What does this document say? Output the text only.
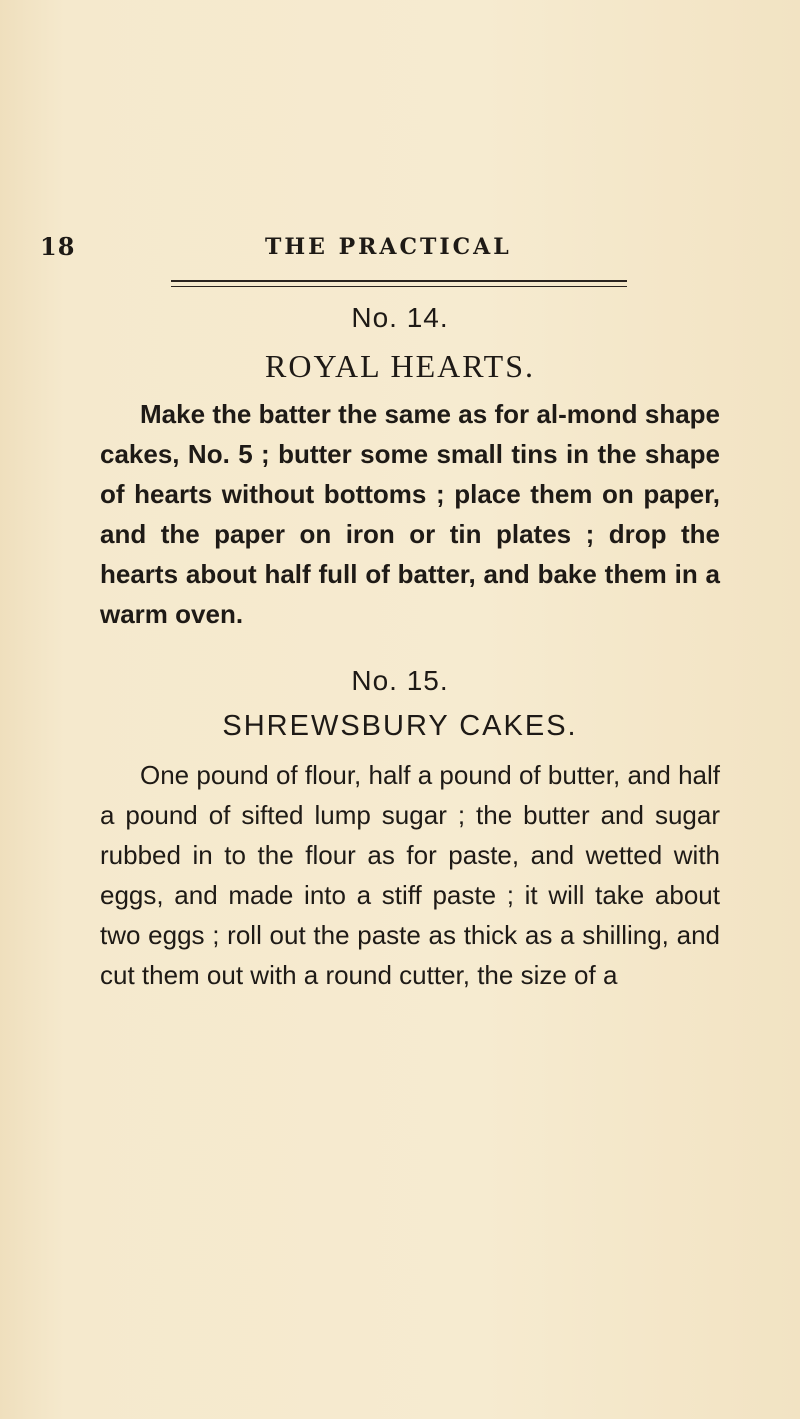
18	THE PRACTICAL
No. 14.
ROYAL HEARTS.

Make the batter the same as for al-mond shape cakes, No. 5 ; butter some small tins in the shape of hearts without bottoms ; place them on paper, and the paper on iron or tin plates ; drop the hearts about half full of batter, and bake them in a warm oven.

No. 15.
SHREWSBURY CAKES.

One pound of flour, half a pound of butter, and half a pound of sifted lump sugar ; the butter and sugar rubbed in to the flour as for paste, and wetted with eggs, and made into a stiff paste ; it will take about two eggs ; roll out the paste as thick as a shilling, and cut them out with a round cutter, the size of a
